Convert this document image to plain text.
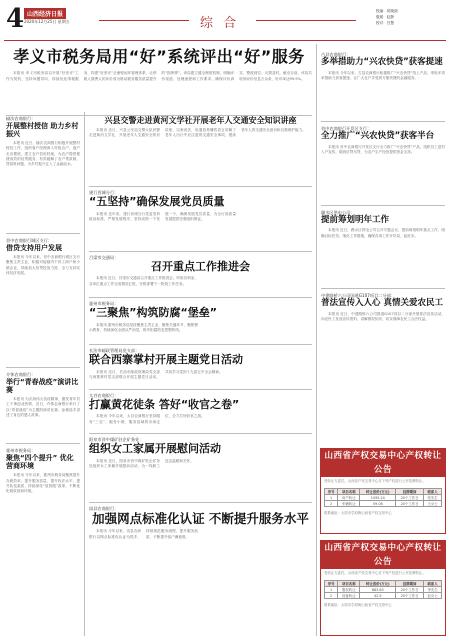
4 山西经济日报
2020年12月25日 星期五	综 合
校编：侯晓丽
版面：赵静
校对：吕慧
孝义市税务局用“好”系统评出“好”服务

本报讯 孝义市税务局以开展“好差评”工作为契机，坚持问题导向，持续优化纳税服务，构建“好差评”全流程闭环管理体系，让纳税人缴费人的评价成为推动税务服务质量提升的“指挥棒”。该局建立健全制度机制，明确评价渠道、处理流程和工作要求，确保评价真实、整改到位、反馈及时。截至目前，该局共收到评价信息万余条，好评率达99.9%。

榆次农商银行：
开展整村授信 助力乡村振兴

本报讯 近日，榆次农商银行积极开展整村授信工作，组织客户经理深入村组农户，逐户走访摸底，建立农户信用档案，为农户提供便捷高效的信贷服务，有效破解了农户贷款难、贷款贵问题，为乡村振兴注入了金融活水。

晋中农商银行城区支行：
借贷支持用户发展

本报讯 今年以来，晋中农商银行城区支行聚焦主责主业，积极对接辖内个体工商户和小微企业，持续加大信贷投放力度，全力支持实体经济发展。

介休农商银行：
举行“青春战疫”演讲比赛

本报讯 为弘扬伟大抗疫精神，激发青年员工干事创业热情，近日，介休农商银行举行了以“青春战疫”为主题的演讲比赛，参赛选手讲述了身边的感人故事。

霍州市税务局：
聚焦“四个提升” 优化营商环境

本报讯 今年以来，霍州市税务局聚焦提升办税效率、提升服务质量、提升执法水平、提升队伍素质，持续深化“放管服”改革，不断优化税收营商环境。

兴县交警走进黄河文学社开展老年人交通安全知识讲座

本报讯 近日，兴县公安局交警大队民警走进黄河文学社，开展老年人交通安全知识讲座，以案说法，用通俗易懂的语言讲解了老年人出行中应注意的交通安全事项，提高老年人的交通安全意识和自我保护能力。

建行晋城分行：
“五坚持”确保发展党员质量

本报讯 近年来，建行晋城分行党委坚持政治标准，严格发展程序，坚持成熟一个发展一个，确保发展党员质量，为全行高质量发展提供坚强组织保证。

吕梁市交通局：
召开重点工作推进会

本报讯 近日，吕梁市交通局召开重点工作推进会，听取各科室、各单位重点工作完成情况汇报，安排部署下一阶段工作任务。

霍州市税务局：
“三聚焦”构筑防腐“堡垒”

本报讯 霍州市税务局坚持聚焦主责主业、聚焦关键环节、聚焦警示教育，持续深化全面从严治党，筑牢拒腐防变思想防线。

长治市邮政管理局党支部：
联合西寨掌村开展主题党日活动

本报讯 近日，长治市邮政管理局党支部与西寨掌村党支部联合开展主题党日活动，共同学习党的十九届五中全会精神。

太谷农商银行：
打赢黄花徒条 答好“收官之卷”

本报讯 今年以来，太谷农商银行坚持服务“三农”、服务小微、服务县域的市场定位，全力打好收官之战。

阳泉市晋中煤矿驻企矿务处：
组织女工家属开展慰问活动

本报讯 近日，阳泉市晋中煤矿驻企矿务处组织女工家属开展慰问活动，为一线职工送去温暖和关怀。

岚县农商银行：
加强网点标准化认证 不断提升服务水平

本报讯 今年以来，岚县农商银行以网点标准化认证为抓手，持续规范服务流程，提升服务品质，不断提升客户满意度。

古县农商银行：
多举措助力“兴农快贷”获客提速

本报讯 今年以来，古县农商银行积极推广“兴农快贷”线上产品，采取多项举措助力获客提速，让广大农户享受到方便快捷的金融服务。

晋中农商银行开发区支行：
全力推广“兴农快贷”获客半台

本报讯 晋中农商银行开发区支行全力推广“兴农快贷”产品，组织员工进村入户宣传，做到应贷尽贷，为农户生产经营提供资金支持。

踢水区供电公司：
提前筹划明年工作

本报讯 近日，踢水区供电公司召开专题会议，提前谋划明年重点工作，明确目标任务，细化工作措施，确保各项工作开好局、起好步。

中建路桥六公司国道G107项目二分部：
普法宣传入人心 真情关爱农民工

本报讯 近日，中建路桥六公司国道G107项目二分部开展普法宣传活动，向农民工发放宣传资料，讲解维权知识，切实保障农民工合法权益。

山西省产权交易中心产权转让公告
受转让方委托，山西省产权交易中心对下列产权进行公开挂牌转让。
序号	项目名称	转让底价(万元)	挂牌期间	联系人
1	房产转让	1095.24	20个工作日	张先生
2	车辆转让	59.08	20个工作日	王女士
联系地址：太原市学府街山西省产权交易中心
山西省产权交易中心产权转让公告
受转让方委托，山西省产权交易中心对下列产权进行公开挂牌转让。
序号	项目名称	转让底价(万元)	挂牌期间	联系人
1	股权转让	883.63	20个工作日	李先生
2	设备转让	42.5	20个工作日	赵女士
联系地址：太原市学府街山西省产权交易中心
